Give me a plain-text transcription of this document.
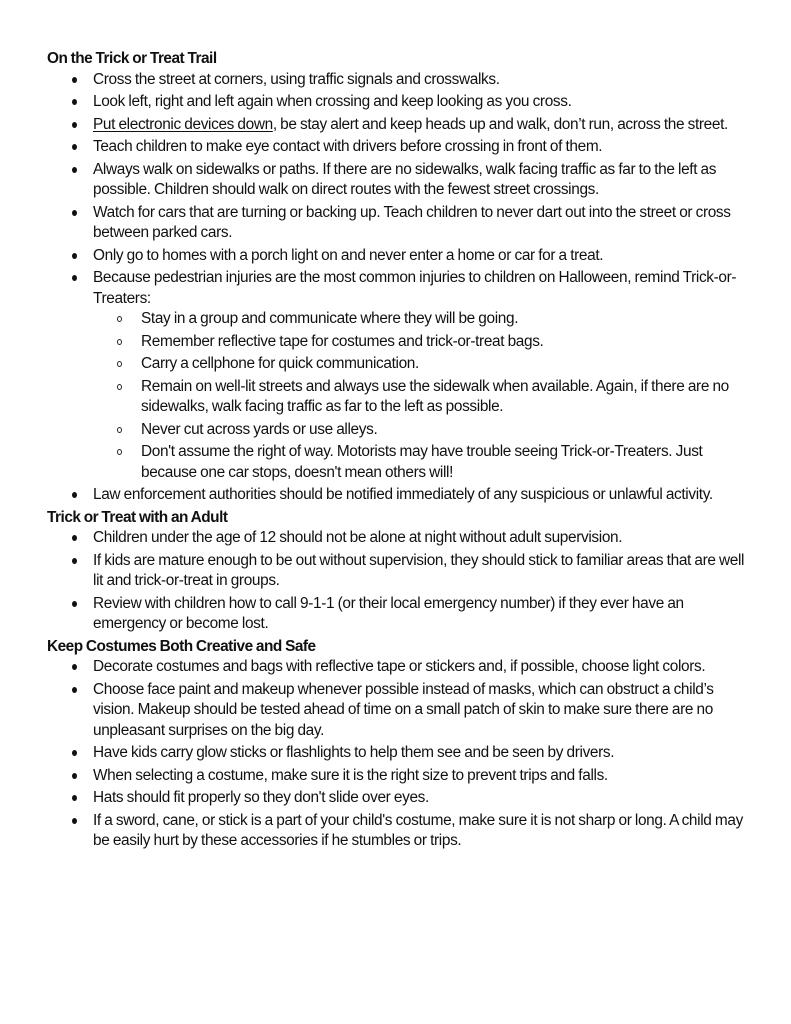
On the Trick or Treat Trail

Cross the street at corners, using traffic signals and crosswalks.
Look left, right and left again when crossing and keep looking as you cross.
Put electronic devices down, be stay alert and keep heads up and walk, don’t run, across the street.
Teach children to make eye contact with drivers before crossing in front of them.
Always walk on sidewalks or paths. If there are no sidewalks, walk facing traffic as far to the left as possible. Children should walk on direct routes with the fewest street crossings.
Watch for cars that are turning or backing up. Teach children to never dart out into the street or cross between parked cars.
Only go to homes with a porch light on and never enter a home or car for a treat.
Because pedestrian injuries are the most common injuries to children on Halloween, remind Trick-or-Treaters:
Stay in a group and communicate where they will be going.
Remember reflective tape for costumes and trick-or-treat bags.
Carry a cellphone for quick communication.
Remain on well-lit streets and always use the sidewalk when available. Again, if there are no sidewalks, walk facing traffic as far to the left as possible.
Never cut across yards or use alleys.
Don't assume the right of way. Motorists may have trouble seeing Trick-or-Treaters. Just because one car stops, doesn't mean others will!
Law enforcement authorities should be notified immediately of any suspicious or unlawful activity.

Trick or Treat with an Adult

Children under the age of 12 should not be alone at night without adult supervision.
If kids are mature enough to be out without supervision, they should stick to familiar areas that are well lit and trick-or-treat in groups.
Review with children how to call 9-1-1 (or their local emergency number) if they ever have an emergency or become lost.

Keep Costumes Both Creative and Safe

Decorate costumes and bags with reflective tape or stickers and, if possible, choose light colors.
Choose face paint and makeup whenever possible instead of masks, which can obstruct a child’s vision. Makeup should be tested ahead of time on a small patch of skin to make sure there are no unpleasant surprises on the big day.
Have kids carry glow sticks or flashlights to help them see and be seen by drivers.
When selecting a costume, make sure it is the right size to prevent trips and falls.
Hats should fit properly so they don't slide over eyes.
If a sword, cane, or stick is a part of your child's costume, make sure it is not sharp or long. A child may be easily hurt by these accessories if he stumbles or trips.
